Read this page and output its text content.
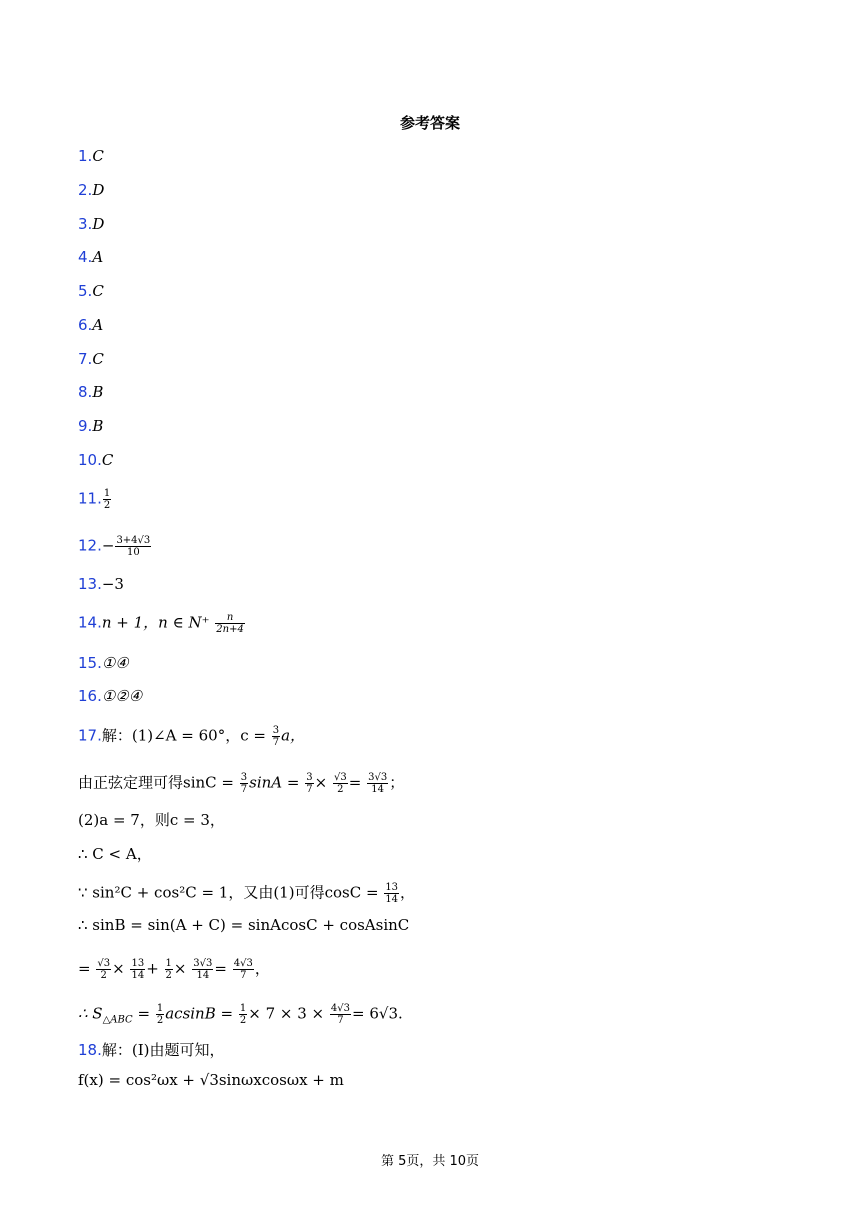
参考答案
1.C
2.D
3.D
4.A
5.C
6.A
7.C
8.B
9.B
10.C
11. $\frac{1}{2}$
$12.- \frac{3+4√3}{10}$
13.−3
14.n + 1，n ∈ $N^+ \frac{n}{2n+4}$
15.①④
16.①②④
17.解：(1)∠A = 60°，$c = \frac{3}{7}$ a，
由正弦定理可得$\sin C = \frac{3}{7}$ $\sin A = \frac{3}{7} \times \frac{√3}{2} = \frac{3√3}{14}$ ；
(2)a = 7，则c = 3，
∴ C < A，
∵ sin²C + cos²C = 1，又由(1)可得$\cos C = \frac{13}{14}$ ，
∴ sinB = sin(A + C) = sinAcosC + cosAsinC
= $\frac{√3}{2} \times \frac{13}{14} + \frac{1}{2} \times \frac{3√3}{14} = \frac{4√3}{7}$ ，
∴ $S_{\triangle ABC} = \frac{1}{2}$ $acsinB = \frac{1}{2} \times 7 \times 3 \times \frac{4√3}{7} = 6√3$.
18.解：(I)由题可知，
f(x) = cos²ωx + √3sinωxcosωx + m
第 5页，共 10页
